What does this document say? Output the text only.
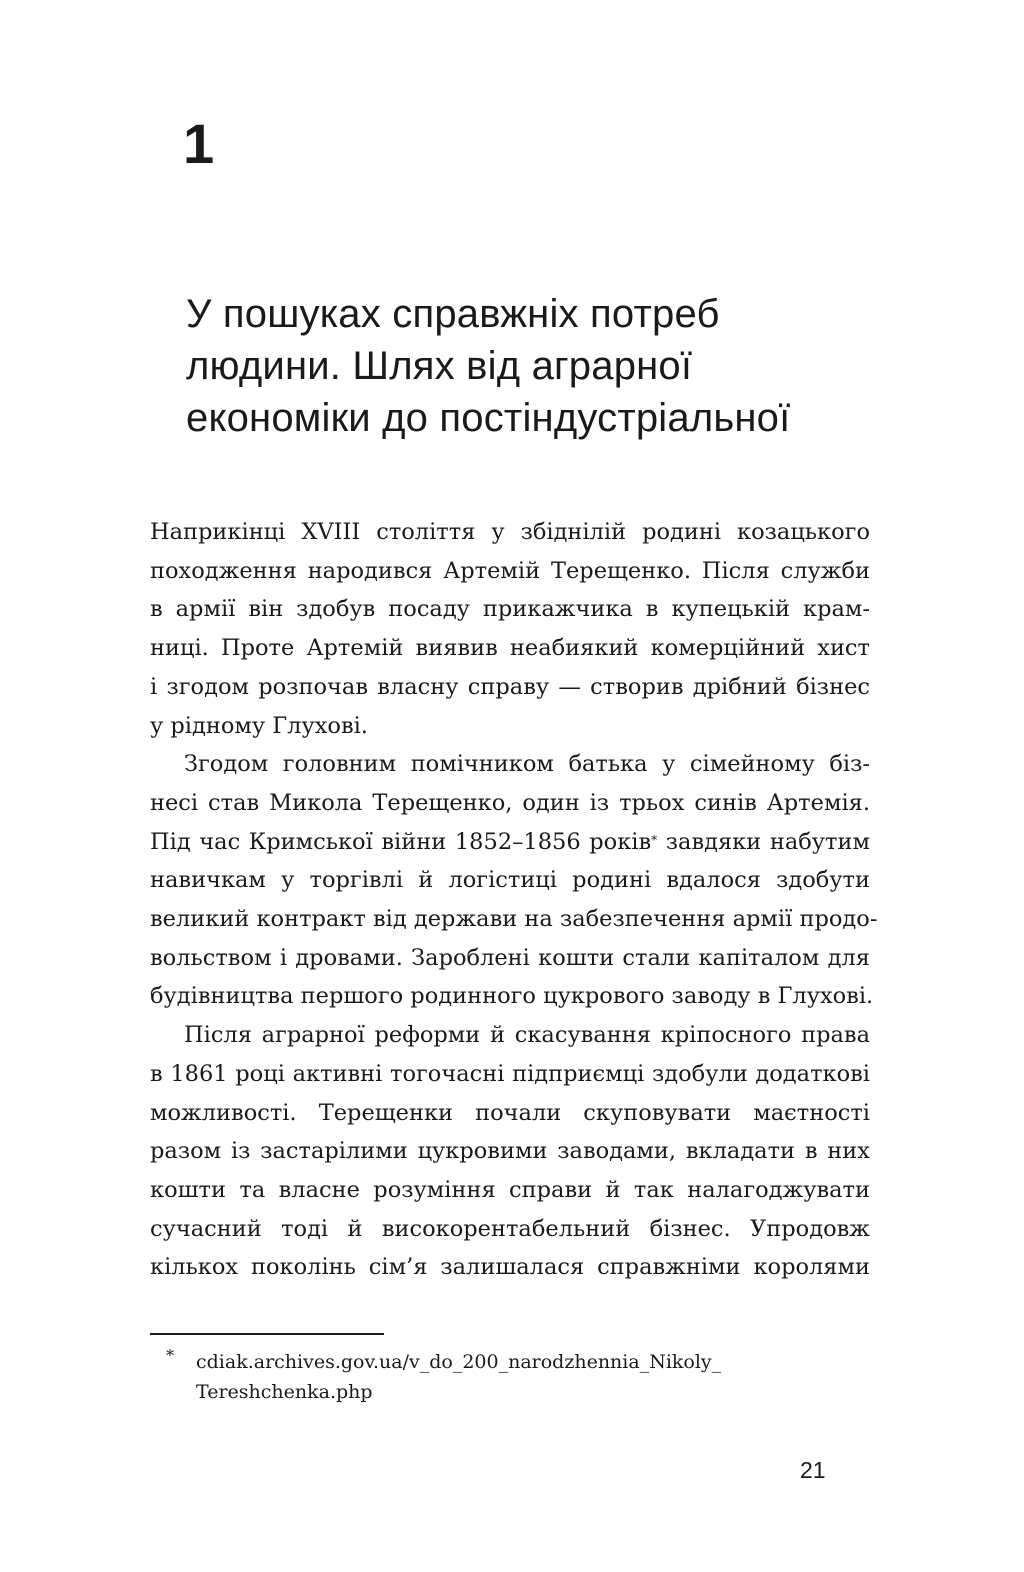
1
У пошуках справжніх потреб
людини. Шлях від аграрної
економіки до постіндустріальної
Наприкінці XVIII століття у збіднілій родині козацького
походження народився Артемій Терещенко. Після служби
в армії він здобув посаду прикажчика в купецькій крам-
ниці. Проте Артемій виявив неабиякий комерційний хист
і згодом розпочав власну справу — створив дрібний бізнес
у рідному Глухові.
Згодом головним помічником батька у сімейному біз-
несі став Микола Терещенко, один із трьох синів Артемія.
Під час Кримської війни 1852–1856 років* завдяки набутим
навичкам у торгівлі й логістиці родині вдалося здобути
великий контракт від держави на забезпечення армії продо-
вольством і дровами. Зароблені кошти стали капіталом для
будівництва першого родинного цукрового заводу в Глухові.
Після аграрної реформи й скасування кріпосного права
в 1861 році активні тогочасні підприємці здобули додаткові
можливості. Терещенки почали скуповувати маєтності
разом із застарілими цукровими заводами, вкладати в них
кошти та власне розуміння справи й так налагоджувати
сучасний тоді й високорентабельний бізнес. Упродовж
кількох поколінь сім’я залишалася справжніми королями
* cdiak.archives.gov.ua/v_do_200_narodzhennia_Nikoly_
Tereshchenka.php
21
